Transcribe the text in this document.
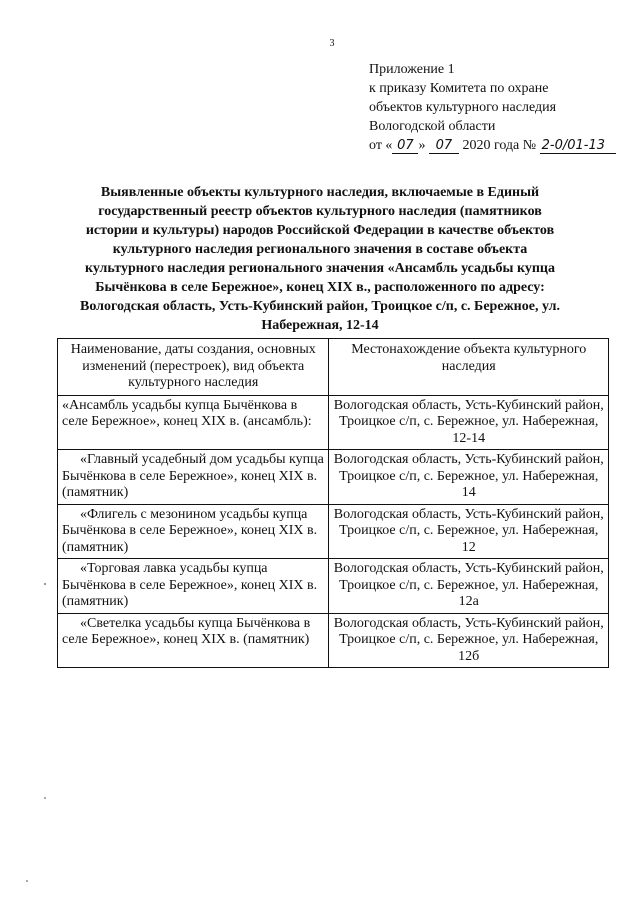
3
Приложение 1
к приказу Комитета по охране
объектов культурного наследия
Вологодской области
от « 07 » 07 2020 года № 2-0/01-13
Выявленные объекты культурного наследия, включаемые в Единый
государственный реестр объектов культурного наследия (памятников
истории и культуры) народов Российской Федерации в качестве объектов
культурного наследия регионального значения в составе объекта
культурного наследия регионального значения «Ансамбль усадьбы купца
Бычёнкова в селе Бережное», конец XIX в., расположенного по адресу:
Вологодская область, Усть-Кубинский район, Троицкое с/п, с. Бережное, ул.
Набережная, 12-14
Наименование, даты создания, основных изменений (перестроек), вид объекта культурного наследия	Местонахождение объекта культурного наследия
«Ансамбль усадьбы купца Бычёнкова в селе Бережное», конец XIX в. (ансамбль):	Вологодская область, Усть-Кубинский район, Троицкое с/п, с. Бережное, ул. Набережная, 12-14
«Главный усадебный дом усадьбы купца Бычёнкова в селе Бережное», конец XIX в. (памятник)	Вологодская область, Усть-Кубинский район, Троицкое с/п, с. Бережное, ул. Набережная, 14
«Флигель с мезонином усадьбы купца Бычёнкова в селе Бережное», конец XIX в. (памятник)	Вологодская область, Усть-Кубинский район, Троицкое с/п, с. Бережное, ул. Набережная, 12
«Торговая лавка усадьбы купца Бычёнкова в селе Бережное», конец XIX в. (памятник)	Вологодская область, Усть-Кубинский район, Троицкое с/п, с. Бережное, ул. Набережная, 12а
«Светелка усадьбы купца Бычёнкова в селе Бережное», конец XIX в. (памятник)	Вологодская область, Усть-Кубинский район, Троицкое с/п, с. Бережное, ул. Набережная, 12б
